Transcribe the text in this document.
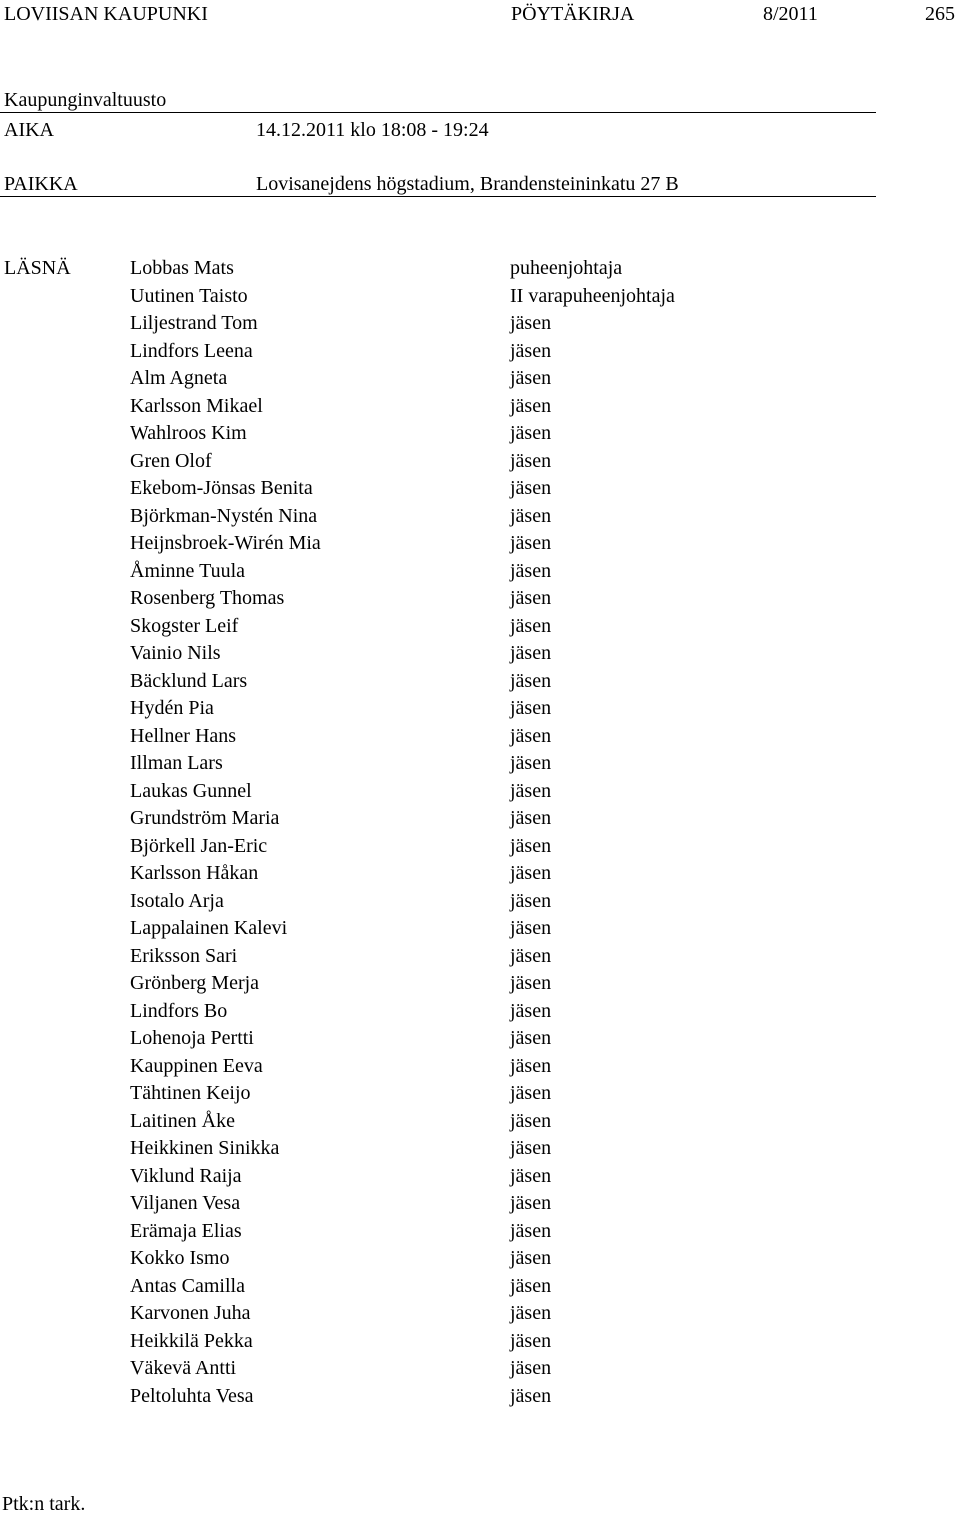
LOVIISAN KAUPUNKI	PÖYTÄKIRJA	8/2011	265
Kaupunginvaltuusto
AIKA	14.12.2011 klo 18:08 - 19:24
PAIKKA	Lovisanejdens högstadium, Brandensteininkatu 27 B
LÄSNÄ	Lobbas Mats	puheenjohtaja
Uutinen Taisto	II varapuheenjohtaja
Liljestrand Tom	jäsen
Lindfors Leena	jäsen
Alm Agneta	jäsen
Karlsson Mikael	jäsen
Wahlroos Kim	jäsen
Gren Olof	jäsen
Ekebom-Jönsas Benita	jäsen
Björkman-Nystén Nina	jäsen
Heijnsbroek-Wirén Mia	jäsen
Åminne Tuula	jäsen
Rosenberg Thomas	jäsen
Skogster Leif	jäsen
Vainio Nils	jäsen
Bäcklund Lars	jäsen
Hydén Pia	jäsen
Hellner Hans	jäsen
Illman Lars	jäsen
Laukas Gunnel	jäsen
Grundström Maria	jäsen
Björkell Jan-Eric	jäsen
Karlsson Håkan	jäsen
Isotalo Arja	jäsen
Lappalainen Kalevi	jäsen
Eriksson Sari	jäsen
Grönberg Merja	jäsen
Lindfors Bo	jäsen
Lohenoja Pertti	jäsen
Kauppinen Eeva	jäsen
Tähtinen Keijo	jäsen
Laitinen Åke	jäsen
Heikkinen Sinikka	jäsen
Viklund Raija	jäsen
Viljanen Vesa	jäsen
Erämaja Elias	jäsen
Kokko Ismo	jäsen
Antas Camilla	jäsen
Karvonen Juha	jäsen
Heikkilä Pekka	jäsen
Väkevä Antti	jäsen
Peltoluhta Vesa	jäsen
Ptk:n tark.
